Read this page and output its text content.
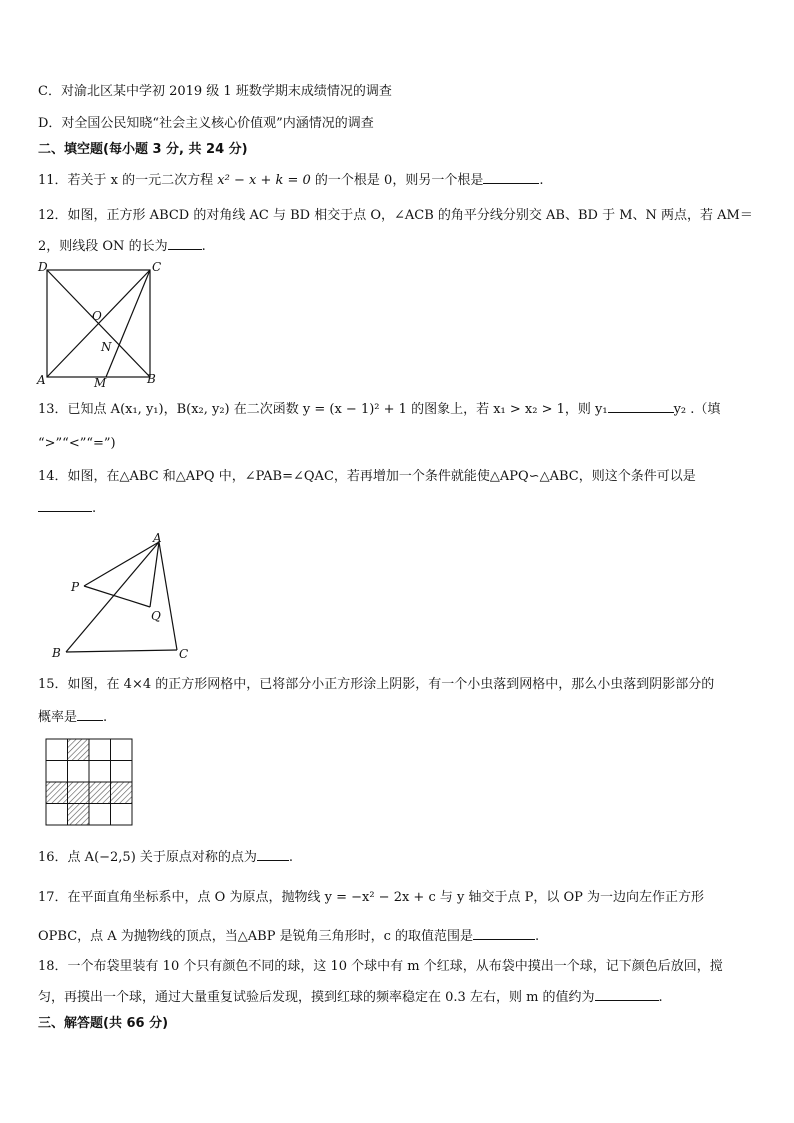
C．对渝北区某中学初 2019 级 1 班数学期末成绩情况的调查
D．对全国公民知晓“社会主义核心价值观”内涵情况的调查
二、填空题(每小题 3 分, 共 24 分)
11．若关于 x 的一元二次方程 x² − x + k = 0 的一个根是 0，则另一个根是	.
12．如图，正方形 ABCD 的对角线 AC 与 BD 相交于点 O，∠ACB 的角平分线分别交 AB、BD 于 M、N 两点，若 AM＝
2，则线段 ON 的长为	.
D	C
A	B
O
N
M
13．已知点 A(x₁, y₁)，B(x₂, y₂) 在二次函数 y = (x − 1)² + 1 的图象上，若 x₁ > x₂ > 1，则 y₁	y₂ .（填
“>”“<”“=”)
14．如图，在△ABC 和△APQ 中，∠PAB=∠QAC，若再增加一个条件就能使△APQ∽△ABC，则这个条件可以是
.
A
P
Q
B	C
15．如图，在 4×4 的正方形网格中，已将部分小正方形涂上阴影，有一个小虫落到网格中，那么小虫落到阴影部分的
概率是 .
16．点 A(−2,5) 关于原点对称的点为 .
17．在平面直角坐标系中，点 O 为原点，抛物线 y = −x² − 2x + c 与 y 轴交于点 P，以 OP 为一边向左作正方形
OPBC，点 A 为抛物线的顶点，当△ABP 是锐角三角形时，c 的取值范围是	.
18．一个布袋里装有 10 个只有颜色不同的球，这 10 个球中有 m 个红球，从布袋中摸出一个球，记下颜色后放回，搅
匀，再摸出一个球，通过大量重复试验后发现，摸到红球的频率稳定在 0.3 左右，则 m 的值约为	.
三、解答题(共 66 分)
